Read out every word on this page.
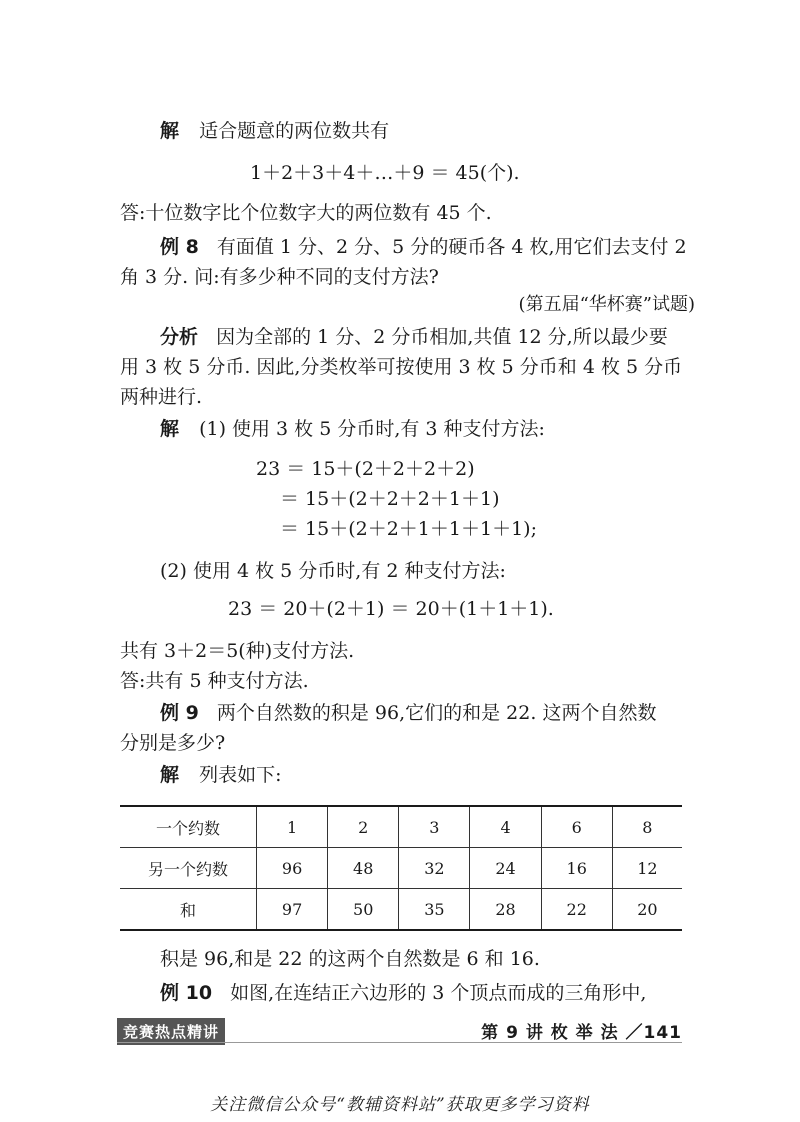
解 适合题意的两位数共有
1＋2＋3＋4＋…＋9 ＝ 45(个).
答:十位数字比个位数字大的两位数有 45 个.
例 8 有面值 1 分、2 分、5 分的硬币各 4 枚,用它们去支付 2
角 3 分. 问:有多少种不同的支付方法?
(第五届“华杯赛”试题)
分析 因为全部的 1 分、2 分币相加,共值 12 分,所以最少要
用 3 枚 5 分币. 因此,分类枚举可按使用 3 枚 5 分币和 4 枚 5 分币
两种进行.
解 (1) 使用 3 枚 5 分币时,有 3 种支付方法:
23 ＝ 15＋(2＋2＋2＋2)
＝ 15＋(2＋2＋2＋1＋1)
＝ 15＋(2＋2＋1＋1＋1＋1);
(2) 使用 4 枚 5 分币时,有 2 种支付方法:
23 ＝ 20＋(2＋1) ＝ 20＋(1＋1＋1).
共有 3＋2＝5(种)支付方法.
答:共有 5 种支付方法.
例 9 两个自然数的积是 96,它们的和是 22. 这两个自然数
分别是多少?
解 列表如下:
一个约数	1	2	3	4	6	8
另一个约数	96	48	32	24	16	12
和	97	50	35	28	22	20
积是 96,和是 22 的这两个自然数是 6 和 16.
例 10 如图,在连结正六边形的 3 个顶点而成的三角形中,
竞赛热点精讲	第 9 讲 枚 举 法 ／141
关注微信公众号“教辅资料站”获取更多学习资料
